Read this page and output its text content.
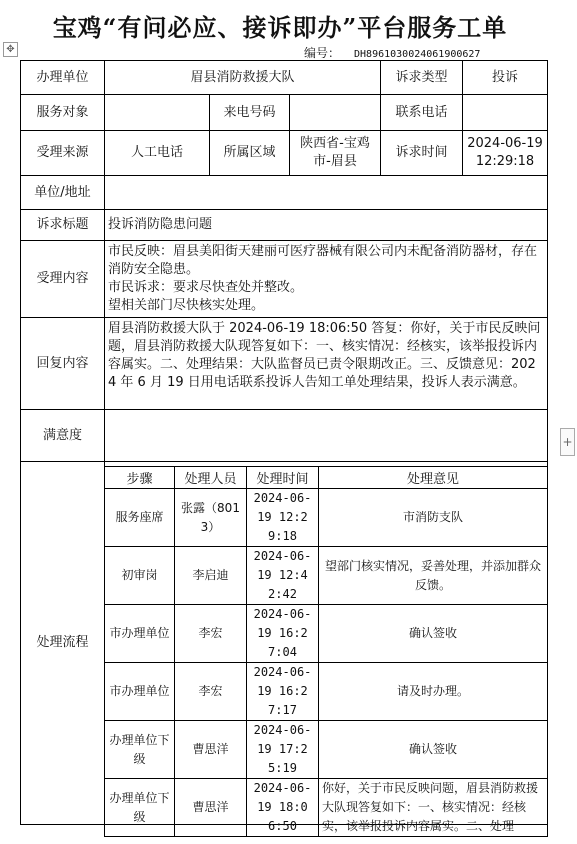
宝鸡“有问必应、接诉即办”平台服务工单
✥
+
编号： DH8961030024061900627
办理单位	眉县消防救援大队			诉求类型	投诉
服务对象		来电号码		联系电话	
受理来源	人工电话	所属区域	陕西省-宝鸡市-眉县	诉求时间	2024-06-19 12:29:18
单位/地址					
诉求标题	投诉消防隐患问题				
受理内容	市民反映：眉县美阳街天建丽可医疗器械有限公司内未配备消防器材，存在消防安全隐患。
市民诉求：要求尽快查处并整改。
望相关部门尽快核实处理。				
回复内容	眉县消防救援大队于 2024-06-19 18:06:50 答复：你好，关于市民反映问题，眉县消防救援大队现答复如下：一、核实情况：经核实，该举报投诉内容属实。二、处理结果：大队监督员已责令限期改正。三、反馈意见：2024 年 6 月 19 日用电话联系投诉人告知工单处理结果，投诉人表示满意。				
满意度					
处理流程					
步骤	处理人员	处理时间	处理意见
服务座席	张露（8013）	2024-06-19 12:29:18	市消防支队
初审岗	李启迪	2024-06-19 12:42:42	望部门核实情况，妥善处理，并添加群众反馈。
市办理单位	李宏	2024-06-19 16:27:04	确认签收
市办理单位	李宏	2024-06-19 16:27:17	请及时办理。
办理单位下级	曹思洋	2024-06-19 17:25:19	确认签收
办理单位下级	曹思洋	2024-06-19 18:06:50	你好，关于市民反映问题，眉县消防救援大队现答复如下：一、核实情况：经核实，该举报投诉内容属实。二、处理
